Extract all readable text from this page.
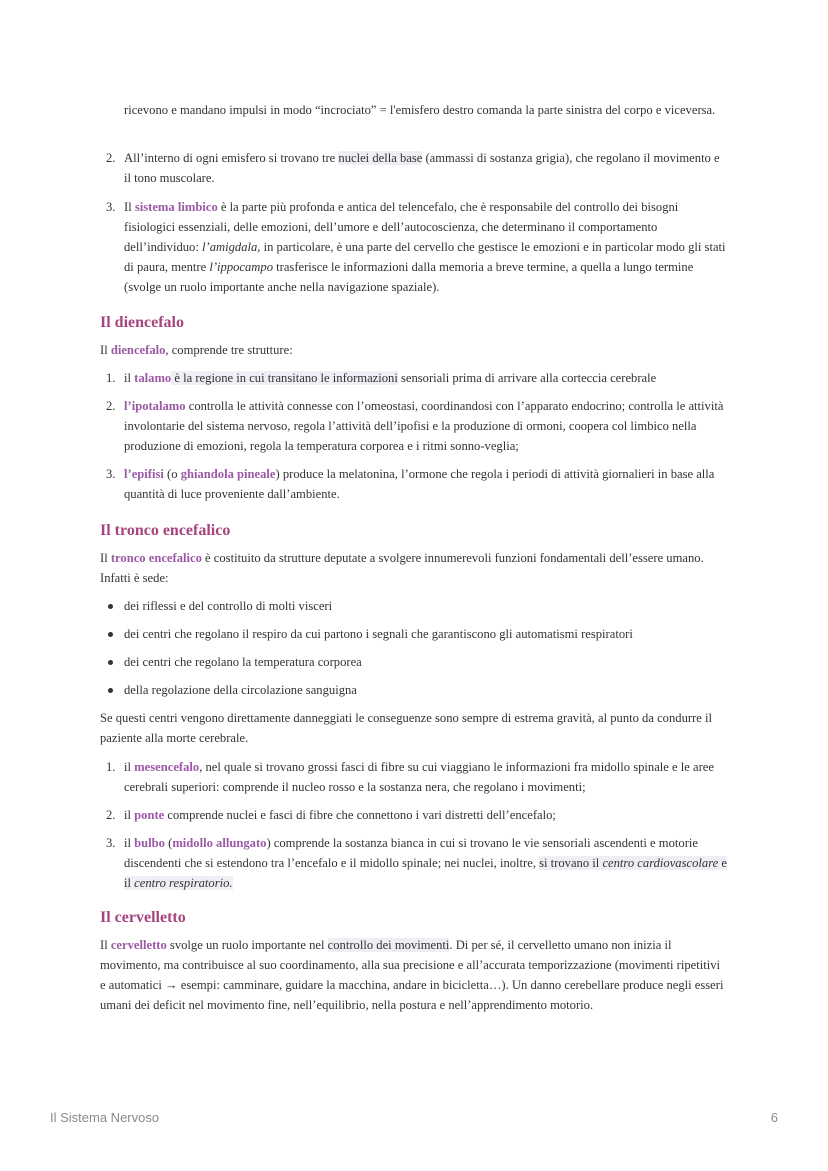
ricevono e mandano impulsi in modo “incrociato” = l'emisfero destro comanda la parte sinistra del corpo e viceversa.

2. All’interno di ogni emisfero si trovano tre nuclei della base (ammassi di sostanza grigia), che regolano il movimento e il tono muscolare.
3. Il sistema limbico è la parte più profonda e antica del telencefalo, che è responsabile del controllo dei bisogni fisiologici essenziali, delle emozioni, dell’umore e dell’autocoscienza, che determinano il comportamento dell’individuo: l’amigdala, in particolare, è una parte del cervello che gestisce le emozioni e in particolar modo gli stati di paura, mentre l’ippocampo trasferisce le informazioni dalla memoria a breve termine, a quella a lungo termine (svolge un ruolo importante anche nella navigazione spaziale).
Il diencefalo

Il diencefalo, comprende tre strutture:

1. il talamo è la regione in cui transitano le informazioni sensoriali prima di arrivare alla corteccia cerebrale
2. l’ipotalamo controlla le attività connesse con l’omeostasi, coordinandosi con l’apparato endocrino; controlla le attività involontarie del sistema nervoso, regola l’attività dell’ipofisi e la produzione di ormoni, coopera col limbico nella produzione di emozioni, regola la temperatura corporea e i ritmi sonno-veglia;
3. l’epifisi (o ghiandola pineale) produce la melatonina, l’ormone che regola i periodi di attività giornalieri in base alla quantità di luce proveniente dall’ambiente.
Il tronco encefalico

Il tronco encefalico è costituito da strutture deputate a svolgere innumerevoli funzioni fondamentali dell’essere umano. Infatti è sede:

dei riflessi e del controllo di molti visceri
dei centri che regolano il respiro da cui partono i segnali che garantiscono gli automatismi respiratori
dei centri che regolano la temperatura corporea
della regolazione della circolazione sanguigna

Se questi centri vengono direttamente danneggiati le conseguenze sono sempre di estrema gravità, al punto da condurre il paziente alla morte cerebrale.

1. il mesencefalo, nel quale si trovano grossi fasci di fibre su cui viaggiano le informazioni fra midollo spinale e le aree cerebrali superiori: comprende il nucleo rosso e la sostanza nera, che regolano i movimenti;
2. il ponte comprende nuclei e fasci di fibre che connettono i vari distretti dell’encefalo;
3. il bulbo (midollo allungato) comprende la sostanza bianca in cui si trovano le vie sensoriali ascendenti e motorie discendenti che si estendono tra l’encefalo e il midollo spinale; nei nuclei, inoltre, si trovano il centro cardiovascolare e il centro respiratorio.
Il cervelletto

Il cervelletto svolge un ruolo importante nel controllo dei movimenti. Di per sé, il cervelletto umano non inizia il movimento, ma contribuisce al suo coordinamento, alla sua precisione e all’accurata temporizzazione (movimenti ripetitivi e automatici → esempi: camminare, guidare la macchina, andare in bicicletta…). Un danno cerebellare produce negli esseri umani dei deficit nel movimento fine, nell’equilibrio, nella postura e nell’apprendimento motorio.

Il Sistema Nervoso	6
